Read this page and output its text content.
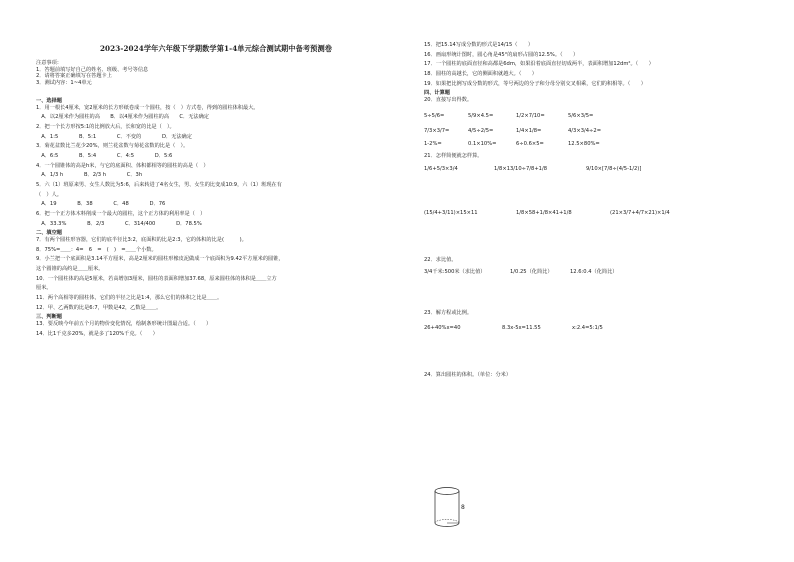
2023-2024学年六年级下学期数学第1-4单元综合测试期中备考预测卷
注意事项：
1．答题前填写好自己的姓名、班级、考号等信息
2．请将答案正确填写在答题卡上
3．测试内容：1~4单元
一、选择题
1．用一根长4厘米，宽2厘米的长方形纸卷成一个圆柱，按（　）方式卷，得到的圆柱体积最大。
　A．以2厘米作为圆柱的高　　B．以4厘米作为圆柱的高　　C．无法确定
2．把一个长方形按5:1的比例放大后，长和宽的比是（　）。
　A．1:5　　　　B．5:1　　　　C．不变的　　　　D．无法确定
3．菊花盆数比兰花少20%，则兰花盆数与菊花盆数的比是（　）。
　A．6:5　　　　B．5:4　　　　C．4:5　　　　D．5:6
4．一个圆锥体的高是h米，与它的底面积、体积都相等的圆柱的高是（　）
　A．1/3 h　　　　B．2/3 h　　　　C．3h
5．六（1）班原来男、女生人数比为5:6，后来转进了4名女生，男、女生的比变成10:9，六（1）班现在有
（　）人。
　A．19　　　　B．38　　　　C．48　　　　D．76
6．把一个正方体木料削成一个最大的圆柱，这个正方体的利用率是（　）
　A．33.3%　　　　B．2/3　　　　C．314/400　　　　D．78.5%
二、填空题
7．有两个圆柱形容器，它们的底半径比3:2，底面积的比是2:3，它的体积的比是(　　　)。
8．75%=＿＿：4=　6　=　(　)　=＿＿个小数。
9．小兰把一个底面积是3.14平方厘米，高是2厘米的圆柱形橡皮泥做成一个底面积为9.42平方厘米的圆锥，
这个圆锥的高约是＿＿厘米。
10．一个圆柱体的高是5厘米，若高增加3厘米，圆柱的表面积增加37.68，原来圆柱体的体积是＿＿立方
厘米。
11．两个高相等的圆柱体，它们的半径之比是1:4，那么它们的体积之比是＿＿。
12．甲、乙两数的比是6:7，甲数是42，乙数是＿＿。
三、判断题
13．要反映今年前五个月的物价变化情况，绘制条形统计图最合适。（　　）
14．比1千克多20%，就是多了120%千克。（　　）
15．把15.14写成分数的形式是14/15（　　）
16．画扇形统计图时，圆心角是45°的扇形占圆的12.5%。（　　）
17．一个圆柱的底面直径和高都是6dm，如果沿着底面直径切成两半，表面积增加12dm²。（　　）
18．圆柱的高越长，它的侧面积就越大。（　　）
19．如果把比例写成分数的形式，等号两边的分子和分母分别交叉相乘，它们的积相等。（　　）
四、计算题
20．直接写出得数。
5÷5/6=	5/9×4.5=	1/2×7/10=	5/6×3/5=
7/3×3/7=	4/5÷2/5=	1/4×1/8=	4/3×3/4÷2=
1-2%=	0.1×10%=	6÷0.6×5=	12.5×80%=
21．怎样简便就怎样算。
1/6+5/3×3/4	1/8×13/10÷7/8+1/8	9/10×[7/8÷(4/5-1/2)]
(15/4+3/11)×15×11	1/8×58+1/8×41+1/8	(21×3/7+4/7×21)×1/4
22．求比值。
3/4千米:500米（求比值）	1/0.25（化简比）	12.6:0.4（化简比）
23．解方程或比例。
26+40%x=40	8.3x-5x=11.55	x:2.4=5:1/5
24．算出圆柱的体积。（单位：分米）
8
